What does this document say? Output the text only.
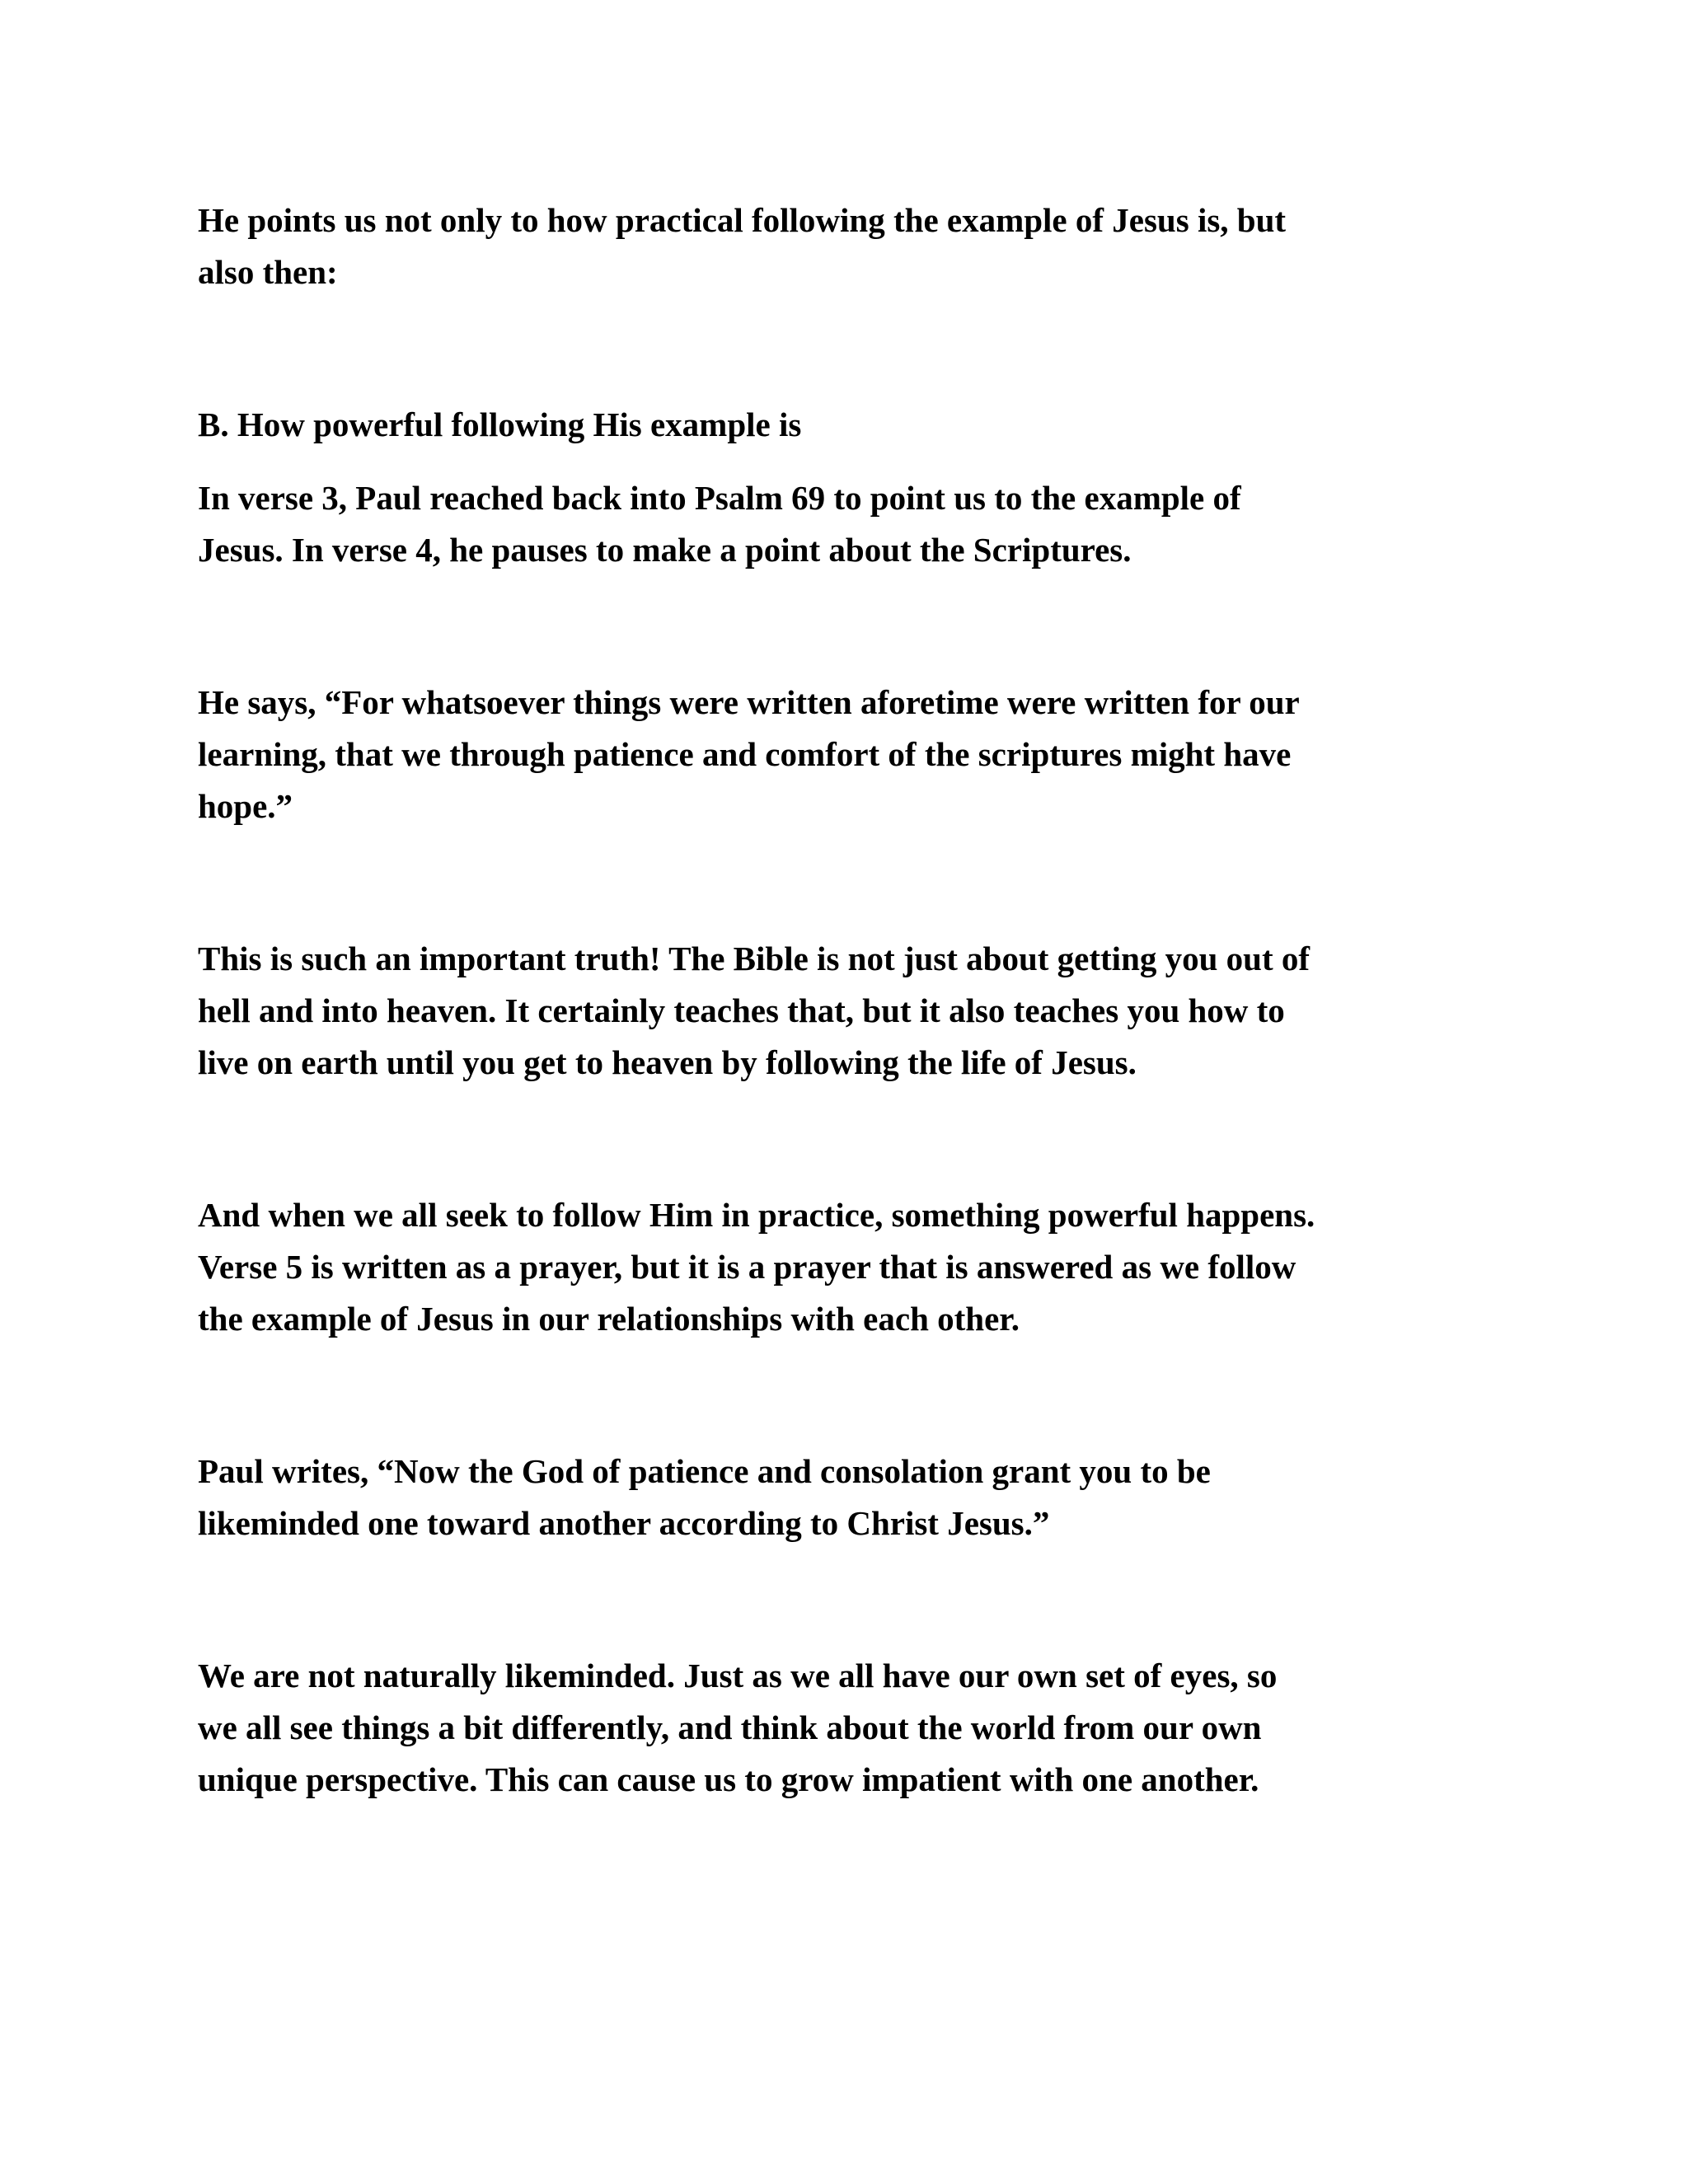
He points us not only to how practical following the example of Jesus is, but
also then:

B. How powerful following His example is

In verse 3, Paul reached back into Psalm 69 to point us to the example of
Jesus. In verse 4, he pauses to make a point about the Scriptures.

He says, “For whatsoever things were written aforetime were written for our
learning, that we through patience and comfort of the scriptures might have
hope.”

This is such an important truth! The Bible is not just about getting you out of
hell and into heaven. It certainly teaches that, but it also teaches you how to
live on earth until you get to heaven by following the life of Jesus.

And when we all seek to follow Him in practice, something powerful happens.
Verse 5 is written as a prayer, but it is a prayer that is answered as we follow
the example of Jesus in our relationships with each other.

Paul writes, “Now the God of patience and consolation grant you to be
likeminded one toward another according to Christ Jesus.”

We are not naturally likeminded. Just as we all have our own set of eyes, so
we all see things a bit differently, and think about the world from our own
unique perspective. This can cause us to grow impatient with one another.
